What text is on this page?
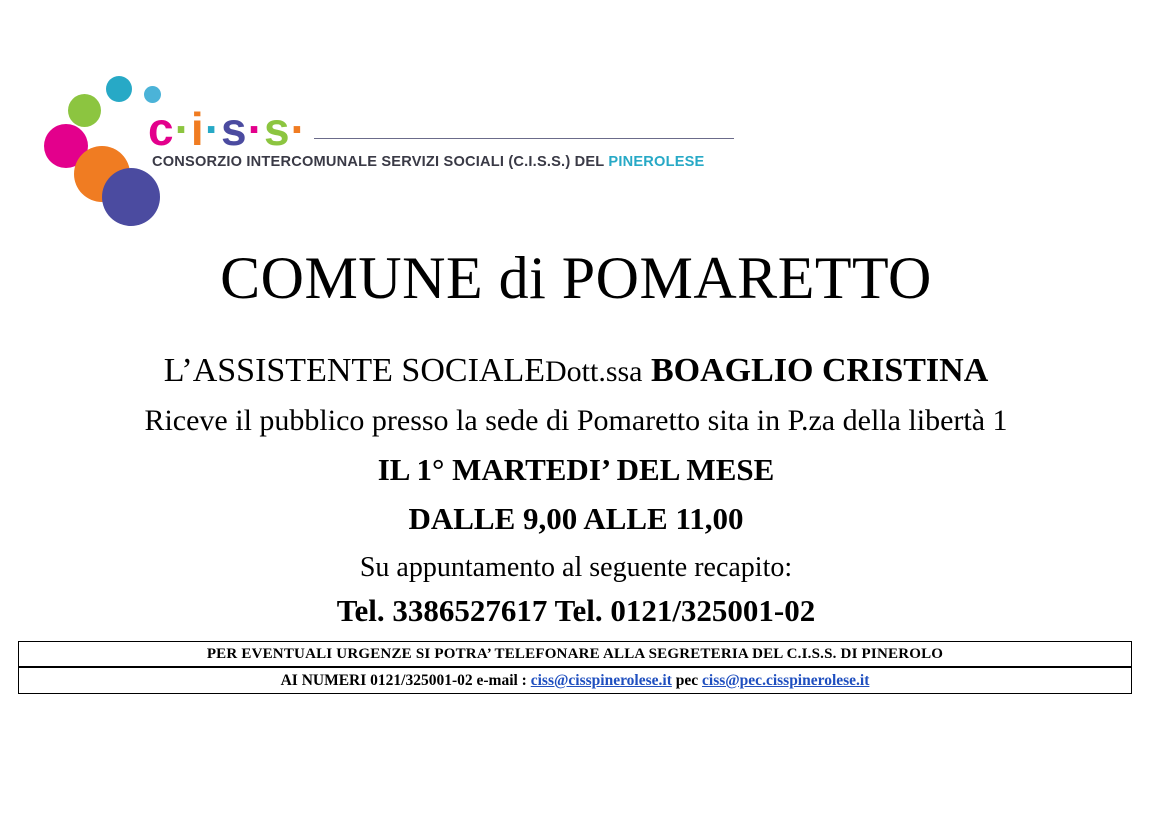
c·i·s·s·
CONSORZIO INTERCOMUNALE SERVIZI SOCIALI (C.I.S.S.) DEL PINEROLESE
COMUNE di POMARETTO
L’ASSISTENTE SOCIALEDott.ssa BOAGLIO CRISTINA
Riceve il pubblico presso la sede di Pomaretto sita in P.za della libertà 1
IL 1° MARTEDI’ DEL MESE
DALLE 9,00 ALLE 11,00
Su appuntamento al seguente recapito:
Tel. 3386527617 Tel. 0121/325001-02
PER EVENTUALI URGENZE SI POTRA’ TELEFONARE ALLA SEGRETERIA DEL C.I.S.S. DI PINEROLO
AI NUMERI 0121/325001-02 e-mail : ciss@cisspinerolese.it pec ciss@pec.cisspinerolese.it
